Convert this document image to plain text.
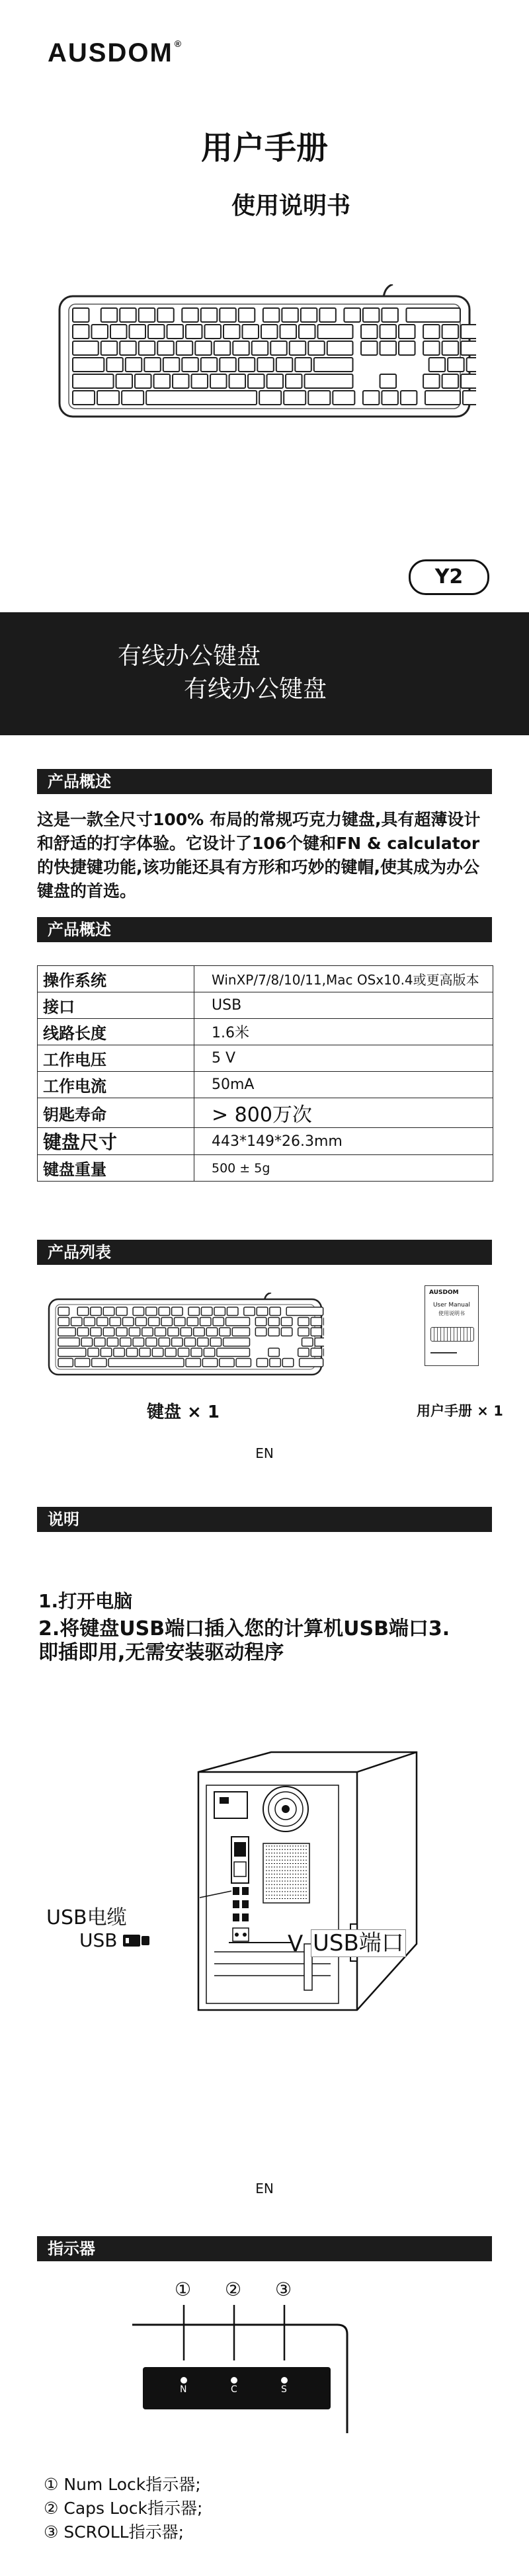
AUSDOM ®
用户手册
使用说明书
Y2
有线办公键盘
有线办公键盘
产品概述
这是一款全尺寸100% 布局的常规巧克力键盘,具有超薄设计和舒适的打字体验。它设计了106个键和FN & calculator的快捷键功能,该功能还具有方形和巧妙的键帽,使其成为办公键盘的首选。
产品概述
操作系统	WinXP/7/8/10/11,Mac OSx10.4或更高版本
接口	USB
线路长度	1.6米
工作电压	5 V
工作电流	50mA
钥匙寿命	> 800万次
键盘尺寸	443*149*26.3mm
键盘重量	500 ± 5g
产品列表
AUSDOM
User Manual
使用说明书
键盘 × 1	用户手册 × 1
EN
说明
1.打开电脑
2.将键盘USB端口插入您的计算机USB端口3.
即插即用,无需安装驱动程序
USB电缆
USB	V USB端口
EN
指示器
① ② ③
N	C	S
① Num Lock指示器;
② Caps Lock指示器;
③ SCROLL指示器;
